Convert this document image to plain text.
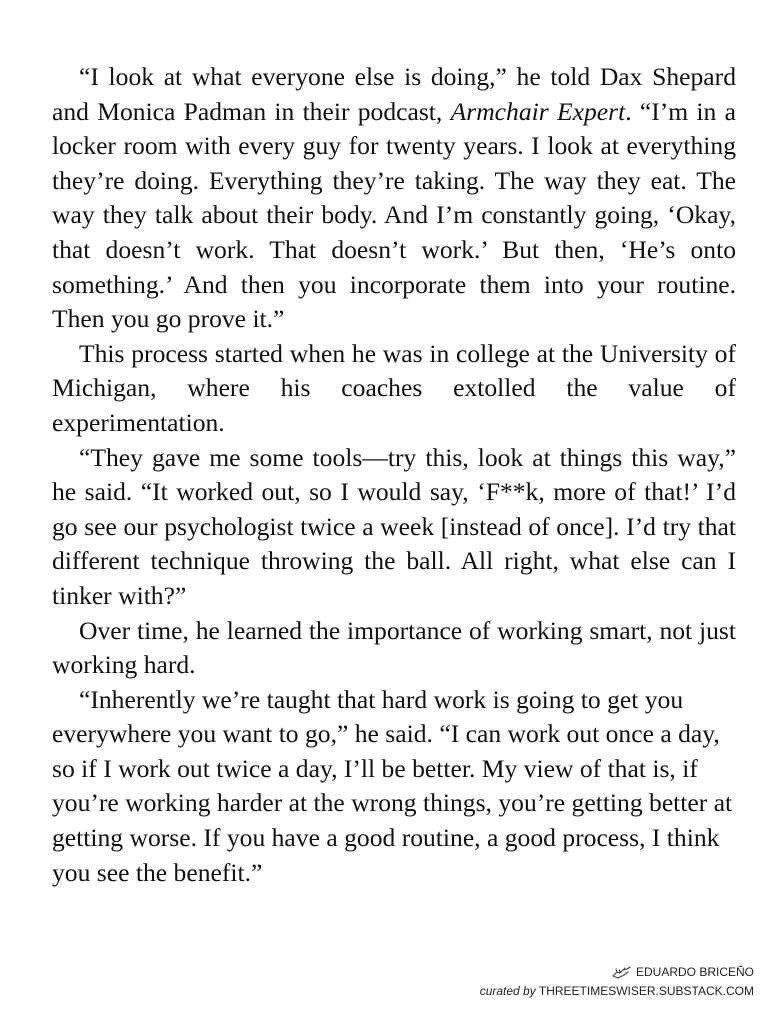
“I look at what everyone else is doing,” he told Dax Shepard and Monica Padman in their podcast, Armchair Expert. “I’m in a locker room with every guy for twenty years. I look at everything they’re doing. Everything they’re taking. The way they eat. The way they talk about their body. And I’m constantly going, ‘Okay, that doesn’t work. That doesn’t work.’ But then, ‘He’s onto something.’ And then you incorporate them into your routine. Then you go prove it.”

This process started when he was in college at the University of Michigan, where his coaches extolled the value of experimentation.

“They gave me some tools—try this, look at things this way,” he said. “It worked out, so I would say, ‘F**k, more of that!’ I’d go see our psychologist twice a week [instead of once]. I’d try that different technique throwing the ball. All right, what else can I tinker with?”

Over time, he learned the importance of working smart, not just working hard.

“Inherently we’re taught that hard work is going to get you everywhere you want to go,” he said. “I can work out once a day, so if I work out twice a day, I’ll be better. My view of that is, if you’re working harder at the wrong things, you’re getting better at getting worse. If you have a good routine, a good process, I think you see the benefit.”

EDUARDO BRICEÑO
curated by THREETIMESWISER.SUBSTACK.COM
